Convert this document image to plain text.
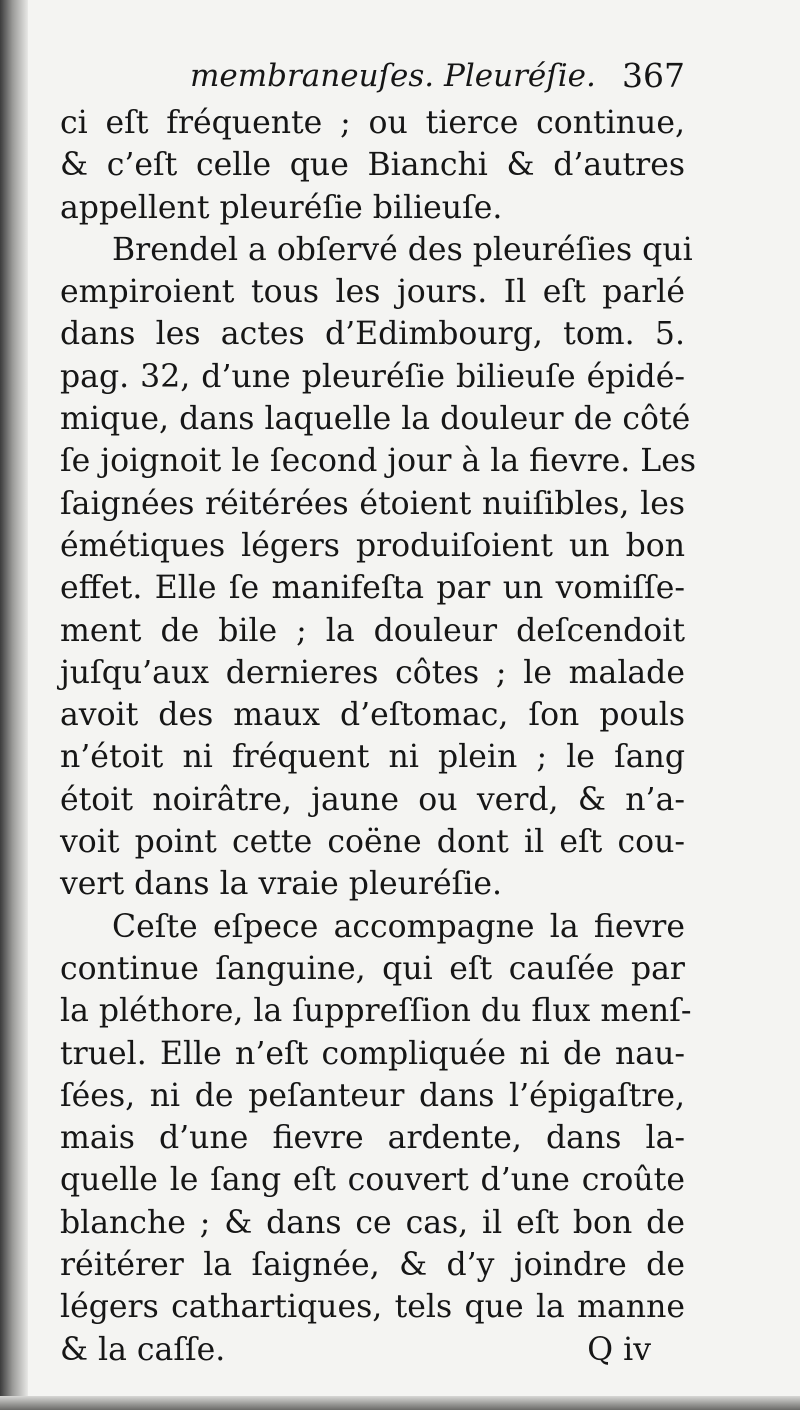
membraneuſes. Pleuréſie. 367
ci eſt fréquente ; ou tierce continue,
& c’eſt celle que Bianchi & d’autres
appellent pleuréſie bilieuſe.
Brendel a obſervé des pleuréſies qui
empiroient tous les jours. Il eſt parlé
dans les actes d’Edimbourg, tom. 5.
pag. 32, d’une pleuréſie bilieuſe épidé-
mique, dans laquelle la douleur de côté
ſe joignoit le ſecond jour à la fievre. Les
ſaignées réitérées étoient nuiſibles, les
émétiques légers produiſoient un bon
effet. Elle ſe manifeſta par un vomiſſe-
ment de bile ; la douleur deſcendoit
juſqu’aux dernieres côtes ; le malade
avoit des maux d’eſtomac, ſon pouls
n’étoit ni fréquent ni plein ; le ſang
étoit noirâtre, jaune ou verd, & n’a-
voit point cette coëne dont il eſt cou-
vert dans la vraie pleuréſie.
Ceſte eſpece accompagne la fievre
continue ſanguine, qui eſt cauſée par
la pléthore, la ſuppreſſion du flux menſ-
truel. Elle n’eſt compliquée ni de nau-
ſées, ni de peſanteur dans l’épigaſtre,
mais d’une fievre ardente, dans la-
quelle le ſang eſt couvert d’une croûte
blanche ; & dans ce cas, il eſt bon de
réitérer la ſaignée, & d’y joindre de
légers cathartiques, tels que la manne
& la caſſe.	Q iv
